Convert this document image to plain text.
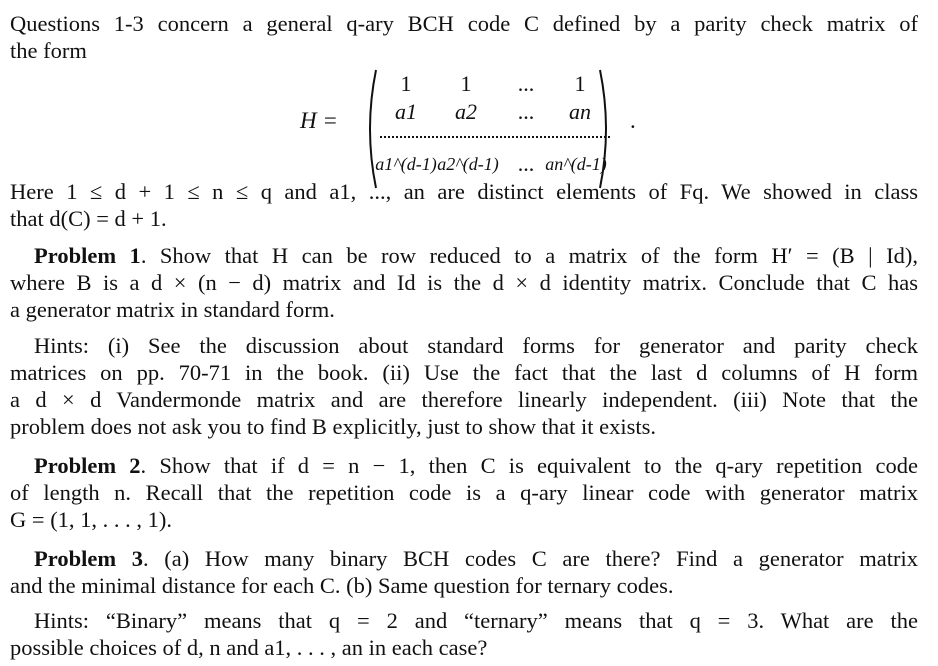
Questions 1-3 concern a general q-ary BCH code C defined by a parity check matrix of
the form
H =
1	1	...	1
a1	a2	...	an
a1^(d-1) a2^(d-1) ... an^(d-1)
.
Here 1 ≤ d + 1 ≤ n ≤ q and a1, ..., an are distinct elements of Fq. We showed in class
that d(C) = d + 1.
Problem 1. Show that H can be row reduced to a matrix of the form H′ = (B | Id),
where B is a d × (n − d) matrix and Id is the d × d identity matrix. Conclude that C has
a generator matrix in standard form.
Hints: (i) See the discussion about standard forms for generator and parity check
matrices on pp. 70-71 in the book. (ii) Use the fact that the last d columns of H form
a d × d Vandermonde matrix and are therefore linearly independent. (iii) Note that the
problem does not ask you to find B explicitly, just to show that it exists.
Problem 2. Show that if d = n − 1, then C is equivalent to the q-ary repetition code
of length n. Recall that the repetition code is a q-ary linear code with generator matrix
G = (1, 1, . . . , 1).
Problem 3. (a) How many binary BCH codes C are there? Find a generator matrix
and the minimal distance for each C. (b) Same question for ternary codes.
Hints: “Binary” means that q = 2 and “ternary” means that q = 3. What are the
possible choices of d, n and a1, . . . , an in each case?
